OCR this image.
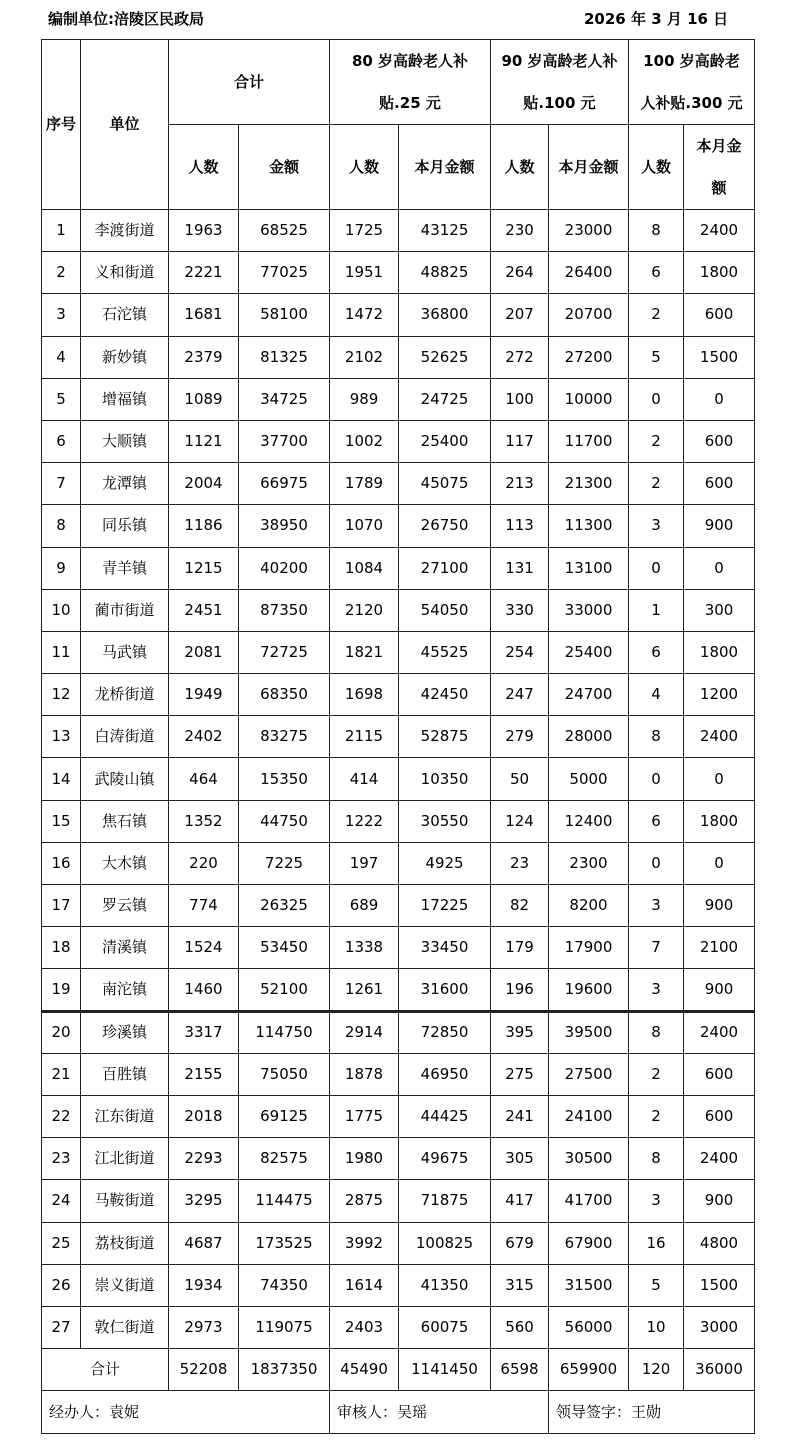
编制单位:涪陵区民政局	2026 年 3 月 16 日
序号	单位	合计		80 岁高龄老人补贴.25 元		90 岁高龄老人补贴.100 元		100 岁高龄老人补贴.300 元	
		人数	金额	人数	本月金额	人数	本月金额	人数	本月金额
1	李渡街道	1963	68525	1725	43125	230	23000	8	2400
2	义和街道	2221	77025	1951	48825	264	26400	6	1800
3	石沱镇	1681	58100	1472	36800	207	20700	2	600
4	新妙镇	2379	81325	2102	52625	272	27200	5	1500
5	增福镇	1089	34725	989	24725	100	10000	0	0
6	大顺镇	1121	37700	1002	25400	117	11700	2	600
7	龙潭镇	2004	66975	1789	45075	213	21300	2	600
8	同乐镇	1186	38950	1070	26750	113	11300	3	900
9	青羊镇	1215	40200	1084	27100	131	13100	0	0
10	蔺市街道	2451	87350	2120	54050	330	33000	1	300
11	马武镇	2081	72725	1821	45525	254	25400	6	1800
12	龙桥街道	1949	68350	1698	42450	247	24700	4	1200
13	白涛街道	2402	83275	2115	52875	279	28000	8	2400
14	武陵山镇	464	15350	414	10350	50	5000	0	0
15	焦石镇	1352	44750	1222	30550	124	12400	6	1800
16	大木镇	220	7225	197	4925	23	2300	0	0
17	罗云镇	774	26325	689	17225	82	8200	3	900
18	清溪镇	1524	53450	1338	33450	179	17900	7	2100
19	南沱镇	1460	52100	1261	31600	196	19600	3	900
20	珍溪镇	3317	114750	2914	72850	395	39500	8	2400
21	百胜镇	2155	75050	1878	46950	275	27500	2	600
22	江东街道	2018	69125	1775	44425	241	24100	2	600
23	江北街道	2293	82575	1980	49675	305	30500	8	2400
24	马鞍街道	3295	114475	2875	71875	417	41700	3	900
25	荔枝街道	4687	173525	3992	100825	679	67900	16	4800
26	崇义街道	1934	74350	1614	41350	315	31500	5	1500
27	敦仁街道	2973	119075	2403	60075	560	56000	10	3000
合计		52208	1837350	45490	1141450	6598	659900	120	36000
经办人：袁妮				审核人：吴瑶			领导签字：王勋		
